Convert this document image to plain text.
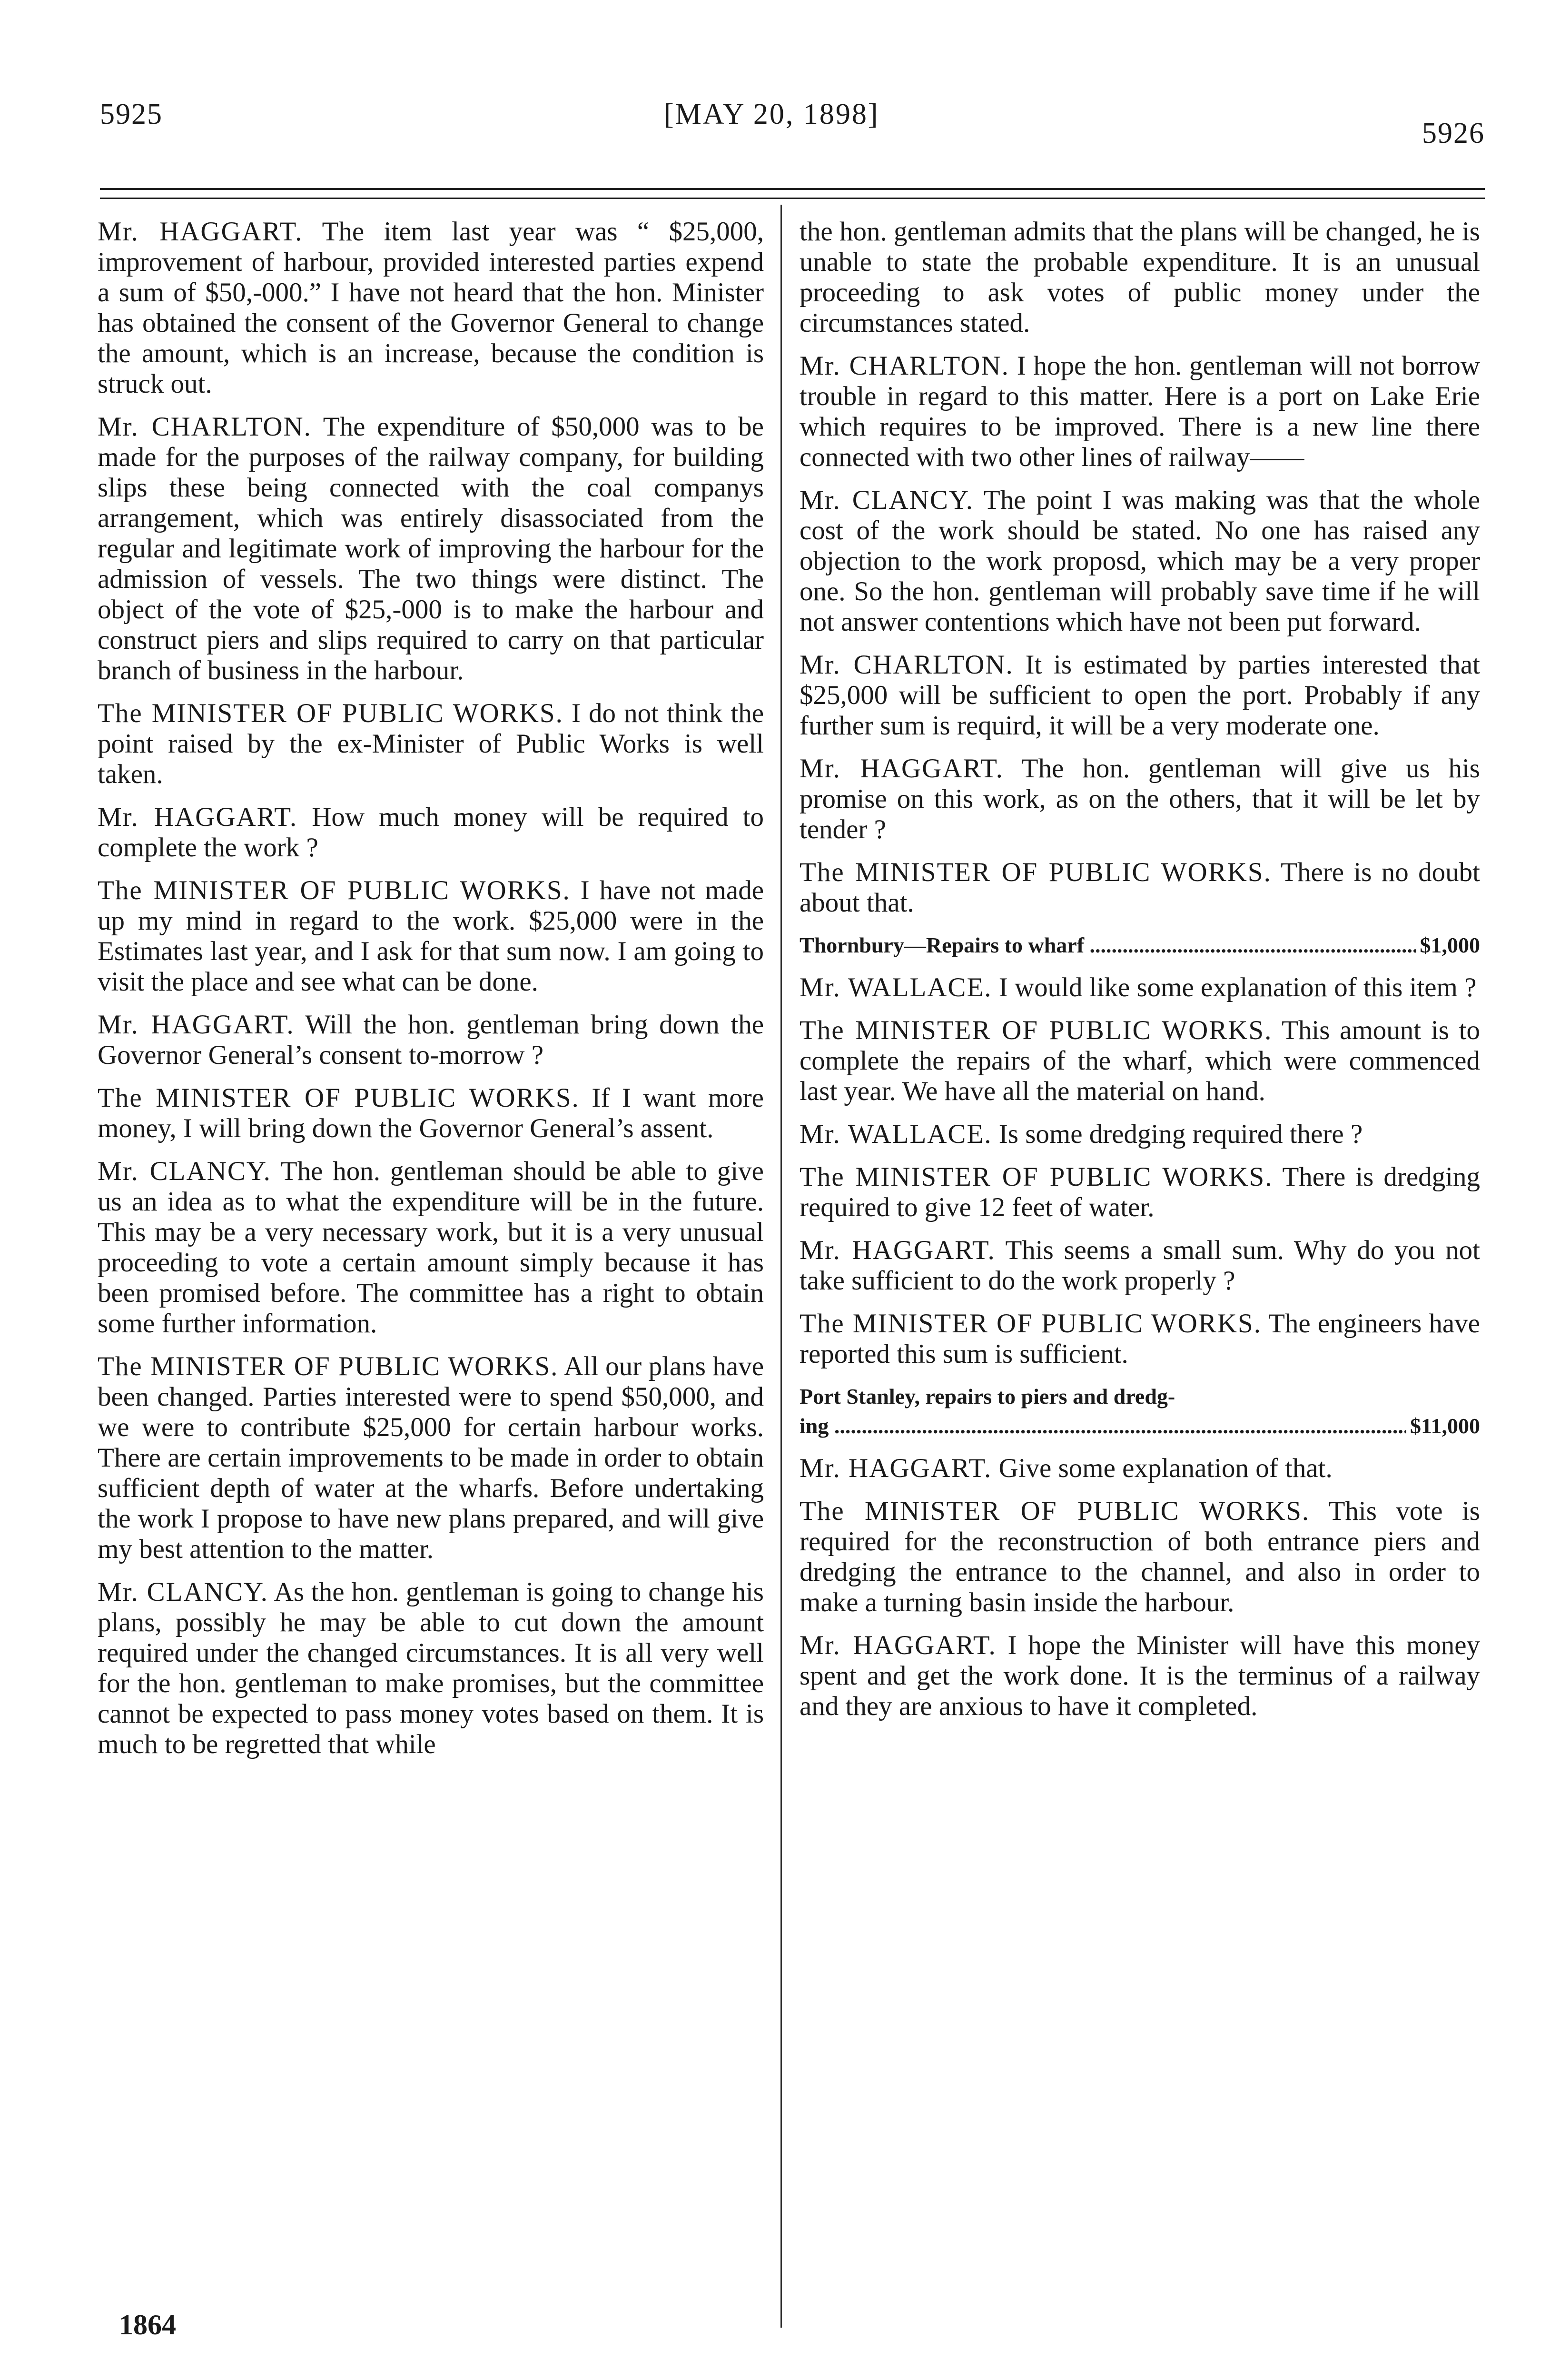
5925	[MAY 20, 1898]
5926

Mr. HAGGART. The item last year was “ $25,000, improvement of harbour, provided interested parties expend a sum of $50,-000.” I have not heard that the hon. Minister has obtained the consent of the Governor General to change the amount, which is an increase, because the condition is struck out.

Mr. CHARLTON. The expenditure of $50,000 was to be made for the purposes of the railway company, for building slips these being connected with the coal companys arrangement, which was entirely disassociated from the regular and legitimate work of improving the harbour for the admission of vessels. The two things were distinct. The object of the vote of $25,-000 is to make the harbour and construct piers and slips required to carry on that particular branch of business in the harbour.

The MINISTER OF PUBLIC WORKS. I do not think the point raised by the ex-Minister of Public Works is well taken.

Mr. HAGGART. How much money will be required to complete the work ?

The MINISTER OF PUBLIC WORKS. I have not made up my mind in regard to the work. $25,000 were in the Estimates last year, and I ask for that sum now. I am going to visit the place and see what can be done.

Mr. HAGGART. Will the hon. gentleman bring down the Governor General’s consent to-morrow ?

The MINISTER OF PUBLIC WORKS. If I want more money, I will bring down the Governor General’s assent.

Mr. CLANCY. The hon. gentleman should be able to give us an idea as to what the expenditure will be in the future. This may be a very necessary work, but it is a very unusual proceeding to vote a certain amount simply because it has been promised before. The committee has a right to obtain some further information.

The MINISTER OF PUBLIC WORKS. All our plans have been changed. Parties interested were to spend $50,000, and we were to contribute $25,000 for certain harbour works. There are certain improvements to be made in order to obtain sufficient depth of water at the wharfs. Before undertaking the work I propose to have new plans prepared, and will give my best attention to the matter.

Mr. CLANCY. As the hon. gentleman is going to change his plans, possibly he may be able to cut down the amount required under the changed circumstances. It is all very well for the hon. gentleman to make promises, but the committee cannot be expected to pass money votes based on them. It is much to be regretted that while

the hon. gentleman admits that the plans will be changed, he is unable to state the probable expenditure. It is an unusual proceeding to ask votes of public money under the circumstances stated.

Mr. CHARLTON. I hope the hon. gentleman will not borrow trouble in regard to this matter. Here is a port on Lake Erie which requires to be improved. There is a new line there connected with two other lines of railway——

Mr. CLANCY. The point I was making was that the whole cost of the work should be stated. No one has raised any objection to the work proposd, which may be a very proper one. So the hon. gentleman will probably save time if he will not answer contentions which have not been put forward.

Mr. CHARLTON. It is estimated by parties interested that $25,000 will be sufficient to open the port. Probably if any further sum is requird, it will be a very moderate one.

Mr. HAGGART. The hon. gentleman will give us his promise on this work, as on the others, that it will be let by tender ?

The MINISTER OF PUBLIC WORKS. There is no doubt about that.

Thornbury—Repairs to wharf .....	$1,000

Mr. WALLACE. I would like some explanation of this item ?

The MINISTER OF PUBLIC WORKS. This amount is to complete the repairs of the wharf, which were commenced last year. We have all the material on hand.

Mr. WALLACE. Is some dredging required there ?

The MINISTER OF PUBLIC WORKS. There is dredging required to give 12 feet of water.

Mr. HAGGART. This seems a small sum. Why do you not take sufficient to do the work properly ?

The MINISTER OF PUBLIC WORKS. The engineers have reported this sum is sufficient.

Port Stanley, repairs to piers and dredg-
ing .....	$11,000

Mr. HAGGART. Give some explanation of that.

The MINISTER OF PUBLIC WORKS. This vote is required for the reconstruction of both entrance piers and dredging the entrance to the channel, and also in order to make a turning basin inside the harbour.

Mr. HAGGART. I hope the Minister will have this money spent and get the work done. It is the terminus of a railway and they are anxious to have it completed.

1864
